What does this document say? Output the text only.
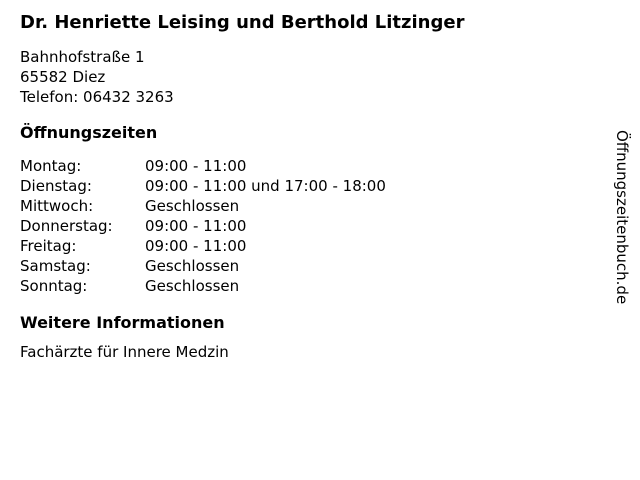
Dr. Henriette Leising und Berthold Litzinger
Bahnhofstraße 1
65582 Diez
Telefon: 06432 3263
Öffnungszeiten
Montag:	09:00 - 11:00
Dienstag:	09:00 - 11:00 und 17:00 - 18:00
Mittwoch:	Geschlossen
Donnerstag:	09:00 - 11:00
Freitag:	09:00 - 11:00
Samstag:	Geschlossen
Sonntag:	Geschlossen
Weitere Informationen
Fachärzte für Innere Medzin
Öffnungszeitenbuch.de
